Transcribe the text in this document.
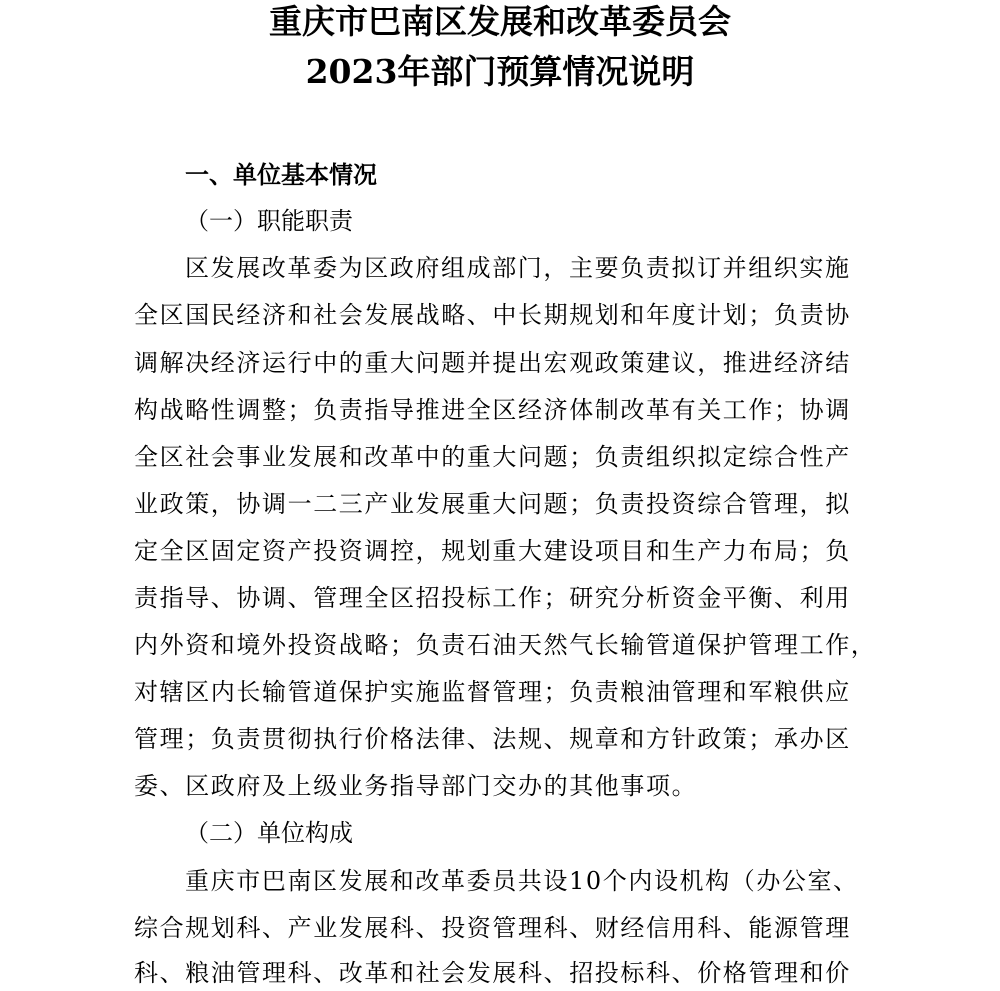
重庆市巴南区发展和改革委员会
2023年部门预算情况说明
一、单位基本情况
（一）职能职责
区发展改革委为区政府组成部门，主要负责拟订并组织实施
全区国民经济和社会发展战略、中长期规划和年度计划；负责协
调解决经济运行中的重大问题并提出宏观政策建议，推进经济结
构战略性调整；负责指导推进全区经济体制改革有关工作；协调
全区社会事业发展和改革中的重大问题；负责组织拟定综合性产
业政策，协调一二三产业发展重大问题；负责投资综合管理，拟
定全区固定资产投资调控，规划重大建设项目和生产力布局；负
责指导、协调、管理全区招投标工作；研究分析资金平衡、利用
内外资和境外投资战略；负责石油天然气长输管道保护管理工作，
对辖区内长输管道保护实施监督管理；负责粮油管理和军粮供应
管理；负责贯彻执行价格法律、法规、规章和方针政策；承办区
委、区政府及上级业务指导部门交办的其他事项。
（二）单位构成
重庆市巴南区发展和改革委员共设10个内设机构（办公室、
综合规划科、产业发展科、投资管理科、财经信用科、能源管理
科、粮油管理科、改革和社会发展科、招投标科、价格管理和价
